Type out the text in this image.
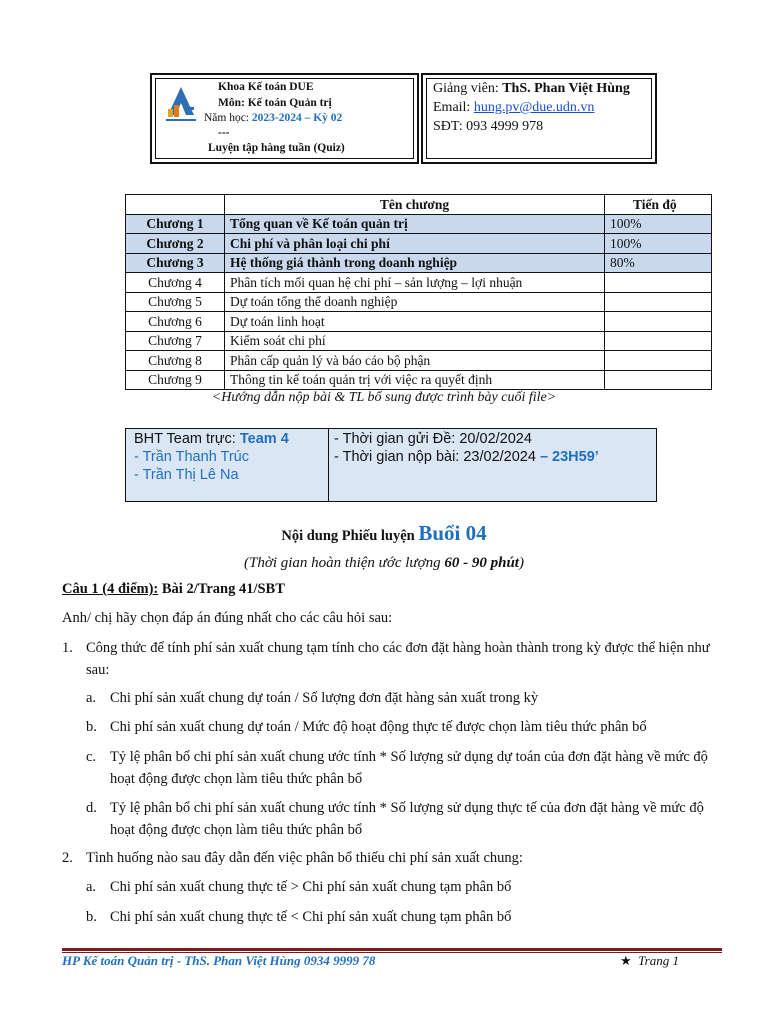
Khoa Kế toán DUE
Môn: Kế toán Quản trị
Năm học: 2023-2024 – Kỳ 02
---
Luyện tập hàng tuần (Quiz)
Giảng viên: ThS. Phan Việt Hùng
Email: hung.pv@due.udn.vn
SĐT: 093 4999 978
	Tên chương	Tiến độ
Chương 1	Tổng quan về Kế toán quản trị	100%
Chương 2	Chi phí và phân loại chi phí	100%
Chương 3	Hệ thống giá thành trong doanh nghiệp	80%
Chương 4	Phân tích mối quan hệ chi phí – sản lượng – lợi nhuận	
Chương 5	Dự toán tổng thể doanh nghiệp	
Chương 6	Dự toán linh hoạt	
Chương 7	Kiểm soát chi phí	
Chương 8	Phân cấp quản lý và báo cáo bộ phận	
Chương 9	Thông tin kế toán quản trị với việc ra quyết định	
<Hướng dẫn nộp bài & TL bổ sung được trình bày cuối file>
BHT Team trực: Team 4
- Trần Thanh Trúc
- Trần Thị Lê Na
- Thời gian gửi Đề: 20/02/2024
- Thời gian nộp bài: 23/02/2024 – 23H59’
Nội dung Phiếu luyện Buổi 04
(Thời gian hoàn thiện ước lượng 60 - 90 phút)
Câu 1 (4 điểm): Bài 2/Trang 41/SBT
Anh/ chị hãy chọn đáp án đúng nhất cho các câu hỏi sau:
1. Công thức để tính phí sản xuất chung tạm tính cho các đơn đặt hàng hoàn thành trong kỳ được thể hiện như sau:
a. Chi phí sản xuất chung dự toán / Số lượng đơn đặt hàng sản xuất trong kỳ
b. Chi phí sản xuất chung dự toán / Mức độ hoạt động thực tế được chọn làm tiêu thức phân bổ
c. Tỷ lệ phân bổ chi phí sản xuất chung ước tính * Số lượng sử dụng dự toán của đơn đặt hàng về mức độ hoạt động được chọn làm tiêu thức phân bổ
d. Tỷ lệ phân bổ chi phí sản xuất chung ước tính * Số lượng sử dụng thực tế của đơn đặt hàng về mức độ hoạt động được chọn làm tiêu thức phân bổ
2. Tình huống nào sau đây dẫn đến việc phân bổ thiếu chi phí sản xuất chung:
a. Chi phí sản xuất chung thực tế > Chi phí sản xuất chung tạm phân bổ
b. Chi phí sản xuất chung thực tế < Chi phí sản xuất chung tạm phân bổ
HP Kế toán Quản trị - ThS. Phan Việt Hùng 0934 9999 78	★ Trang 1
